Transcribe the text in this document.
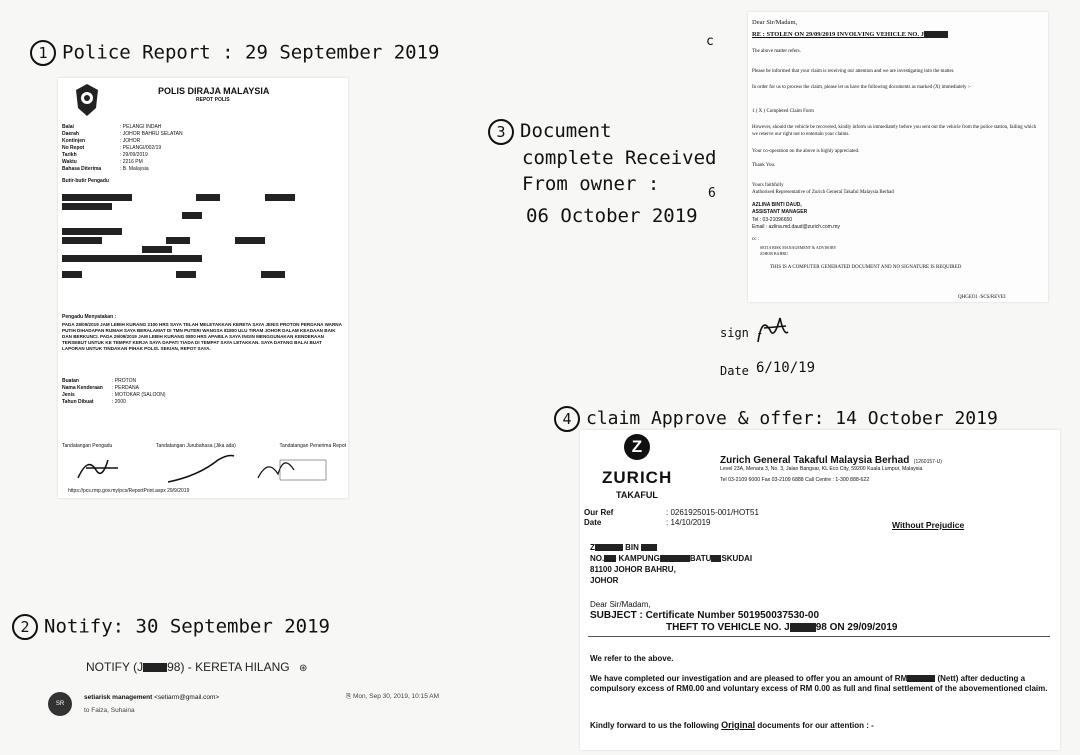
1 Police Report : 29 September 2019
POLIS DIRAJA MALAYSIA
REPOT POLIS
Balai	: PELANGI INDAH
Daerah	: JOHOR BAHRU SELATAN
Kontinjen	: JOHOR
No Repot	: PELANGI/002/19
Tarikh	: 29/09/2019
Waktu	: 2216 PM
Bahasa Diterima	: B. Malaysia
Butir-butir Pengadu

Pengadu Menyatakan :
PADA 28/09/2019 JAM LEBIH KURANG 2100 HRS SAYA TELAH MELETAKKAN KERETA SAYA JENIS PROTON PERDANA WARNA PUTIH DIHADAPAN RUMAH SAYA BERALAMAT DI TMN PUTERI WANGSA 81800 ULU TIRAM JOHOR DALAM KEADAAN BAIK DAN BERKUNCI. PADA 29/09/2019 JAM LEBIH KURANG 0800 HRS APABILA SAYA INGIN MENGGUNAKAN KENDERAAN TERSEBUT UNTUK KE TEMPAT KERJA SAYA DAPATI TIADA DI TEMPAT SAYA LETAKKAN. SAYA DATANG BALAI BUAT LAPORAN UNTUK TINDAKAN PIHAK POLIS. SEKIAN, REPOT SAYA.
Buatan	: PROTON
Nama Kenderaan	: PERDANA
Jenis	: MOTOKAR (SALOON)
Tahun Dibuat	: 2000
Tandatangan Pengadu	Tandatangan Jurubahasa (Jika ada)	Tandatangan Penerima Repot
https://pcs.rmp.gov.my/pcs/ReportPrint.aspx 29/9/2019
2 Notify: 30 September 2019
NOTIFY (J 98) - KERETA HILANG ⊛
SR
setiarisk management <setiarm@gmail.com>
to Faiza, Suhaina
⎘ Mon, Sep 30, 2019, 10:15 AM
3 Document
complete Received
From owner :
06 October 2019
Dear Sir/Madam,
RE : STOLEN ON 29/09/2019 INVOLVING VEHICLE NO. J
The above matter refers.
Please be informed that your claim is receiving our attention and we are investigating into the matter.
In order for us to process the claim, please let us have the following documents as marked (X) immediately :-
1 ( X ) Completed Claim Form
However, should the vehicle be recovered, kindly inform us immediately before you sent out the vehicle from the police station, failing which we reserve our right not to entertain your claims.
Your co-operation on the above is highly appreciated.
Thank You.
Yours faithfully
Authorised Representative of Zurich General Takaful Malaysia Berhad
AZLINA BINTI DAUD,
ASSISTANT MANAGER
Tel : 03-21096650
Email : azlina.md.daud@zurich.com.my
cc :
SETIA RISK MANAGEMENT & ADVISORY
JOHOR BAHRU
THIS IS A COMPUTER GENERATED DOCUMENT AND NO SIGNATURE IS REQUIRED
QHGEO1 /SCS/REVEI
c
6
sign -
Date -
6/10/19
4 claim Approve & offer: 14 October 2019
Z
ZURICH
TAKAFUL
Zurich General Takaful Malaysia Berhad (1260157-U)
Level 23A, Menara 3, No. 3, Jalan Bangsar, KL Eco City, 59200 Kuala Lumpur, Malaysia
Tel 03-2109 6000 Fax 03-2109 6888 Call Centre : 1-300 888-622
Our Ref	: 0261925015-001/HOT51
Date	: 14/10/2019	Without Prejudice
Z	BIN
NO. KAMPUNG	BATU SKUDAI
81100 JOHOR BAHRU,
JOHOR
Dear Sir/Madam,
SUBJECT : Certificate Number 501950037530-00
THEFT TO VEHICLE NO. J	98 ON 29/09/2019
We refer to the above.
We have completed our investigation and are pleased to offer you an amount of RM	(Nett) after deducting a compulsory excess of RM0.00 and voluntary excess of RM 0.00 as full and final settlement of the abovementioned claim.
Kindly forward to us the following Original documents for our attention : -
